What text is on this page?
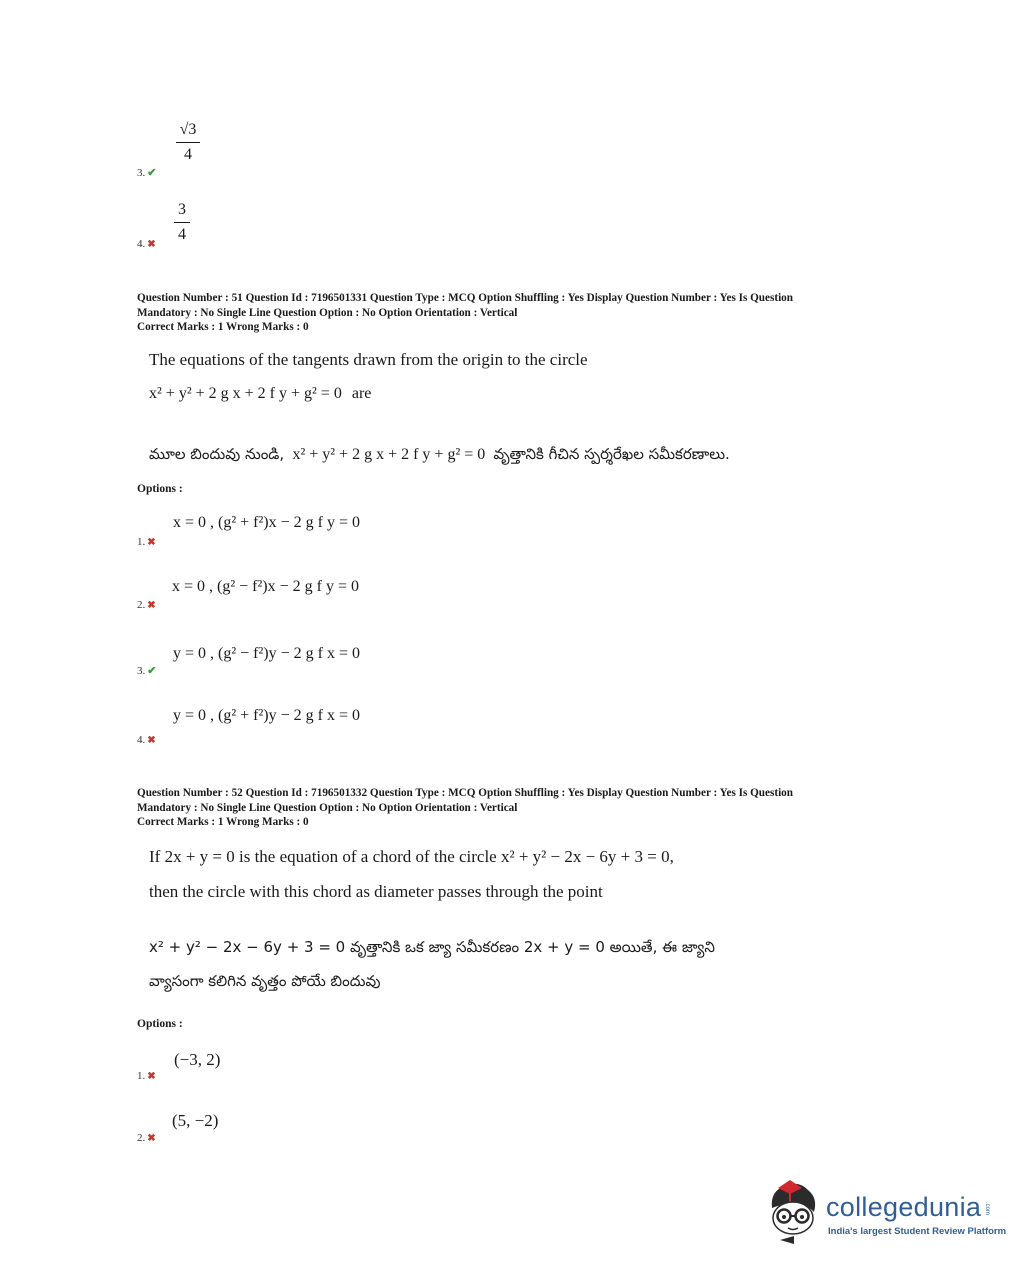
√3
4
3. ✔
3
4
4. ✖
Question Number : 51 Question Id : 7196501331 Question Type : MCQ Option Shuffling : Yes Display Question Number : Yes Is Question
Mandatory : No Single Line Question Option : No Option Orientation : Vertical
Correct Marks : 1 Wrong Marks : 0
The equations of the tangents drawn from the origin to the circle
x² + y² + 2 g x + 2 f y + g² = 0 are
మూల బిందువు నుండి, x² + y² + 2 g x + 2 f y + g² = 0 వృత్తానికి గీచిన స్పర్శరేఖల సమీకరణాలు.
Options :
x = 0 , (g² + f²)x − 2 g f y = 0
1. ✖
x = 0 , (g² − f²)x − 2 g f y = 0
2. ✖
y = 0 , (g² − f²)y − 2 g f x = 0
3. ✔
y = 0 , (g² + f²)y − 2 g f x = 0
4. ✖
Question Number : 52 Question Id : 7196501332 Question Type : MCQ Option Shuffling : Yes Display Question Number : Yes Is Question
Mandatory : No Single Line Question Option : No Option Orientation : Vertical
Correct Marks : 1 Wrong Marks : 0
If 2x + y = 0 is the equation of a chord of the circle x² + y² − 2x − 6y + 3 = 0,
then the circle with this chord as diameter passes through the point
x² + y² − 2x − 6y + 3 = 0 వృత్తానికి ఒక జ్యా సమీకరణం 2x + y = 0 అయితే, ఈ జ్యాని
వ్యాసంగా కలిగిన వృత్తం పోయే బిందువు
Options :
(−3, 2)
1. ✖
(5, −2)
2. ✖
collegedunia .com
India's largest Student Review Platform
